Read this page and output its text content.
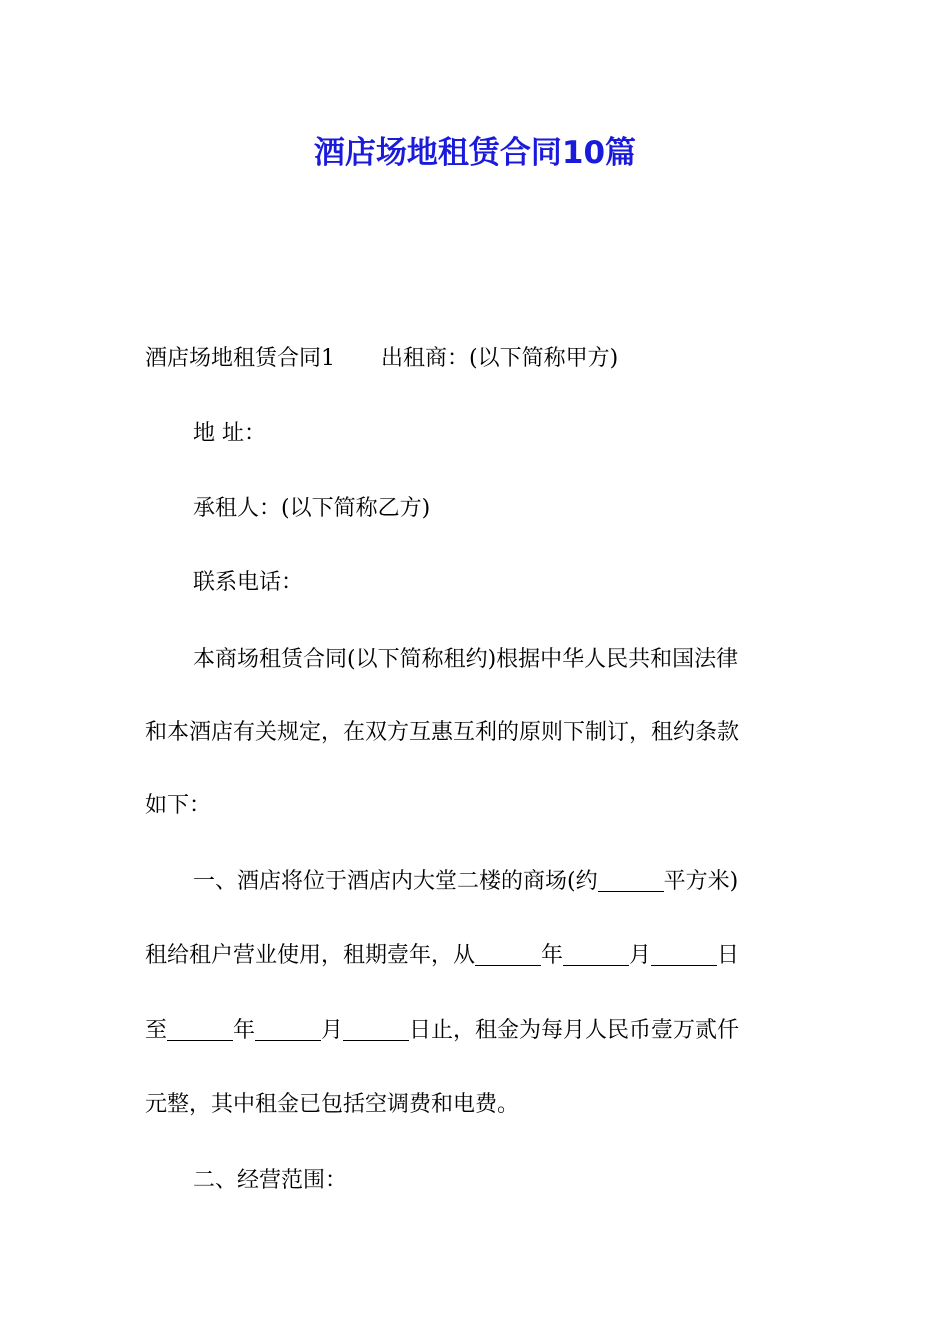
酒店场地租赁合同10篇

酒店场地租赁合同1 出租商：(以下简称甲方)

地 址：

承租人：(以下简称乙方)

联系电话：

本商场租赁合同(以下简称租约)根据中华人民共和国法律

和本酒店有关规定，在双方互惠互利的原则下制订，租约条款

如下：

一、酒店将位于酒店内大堂二楼的商场(约	平方米)

租给租户营业使用，租期壹年，从	年	月	日

至	年	月	日止，租金为每月人民币壹万贰仟

元整，其中租金已包括空调费和电费。

二、经营范围：
